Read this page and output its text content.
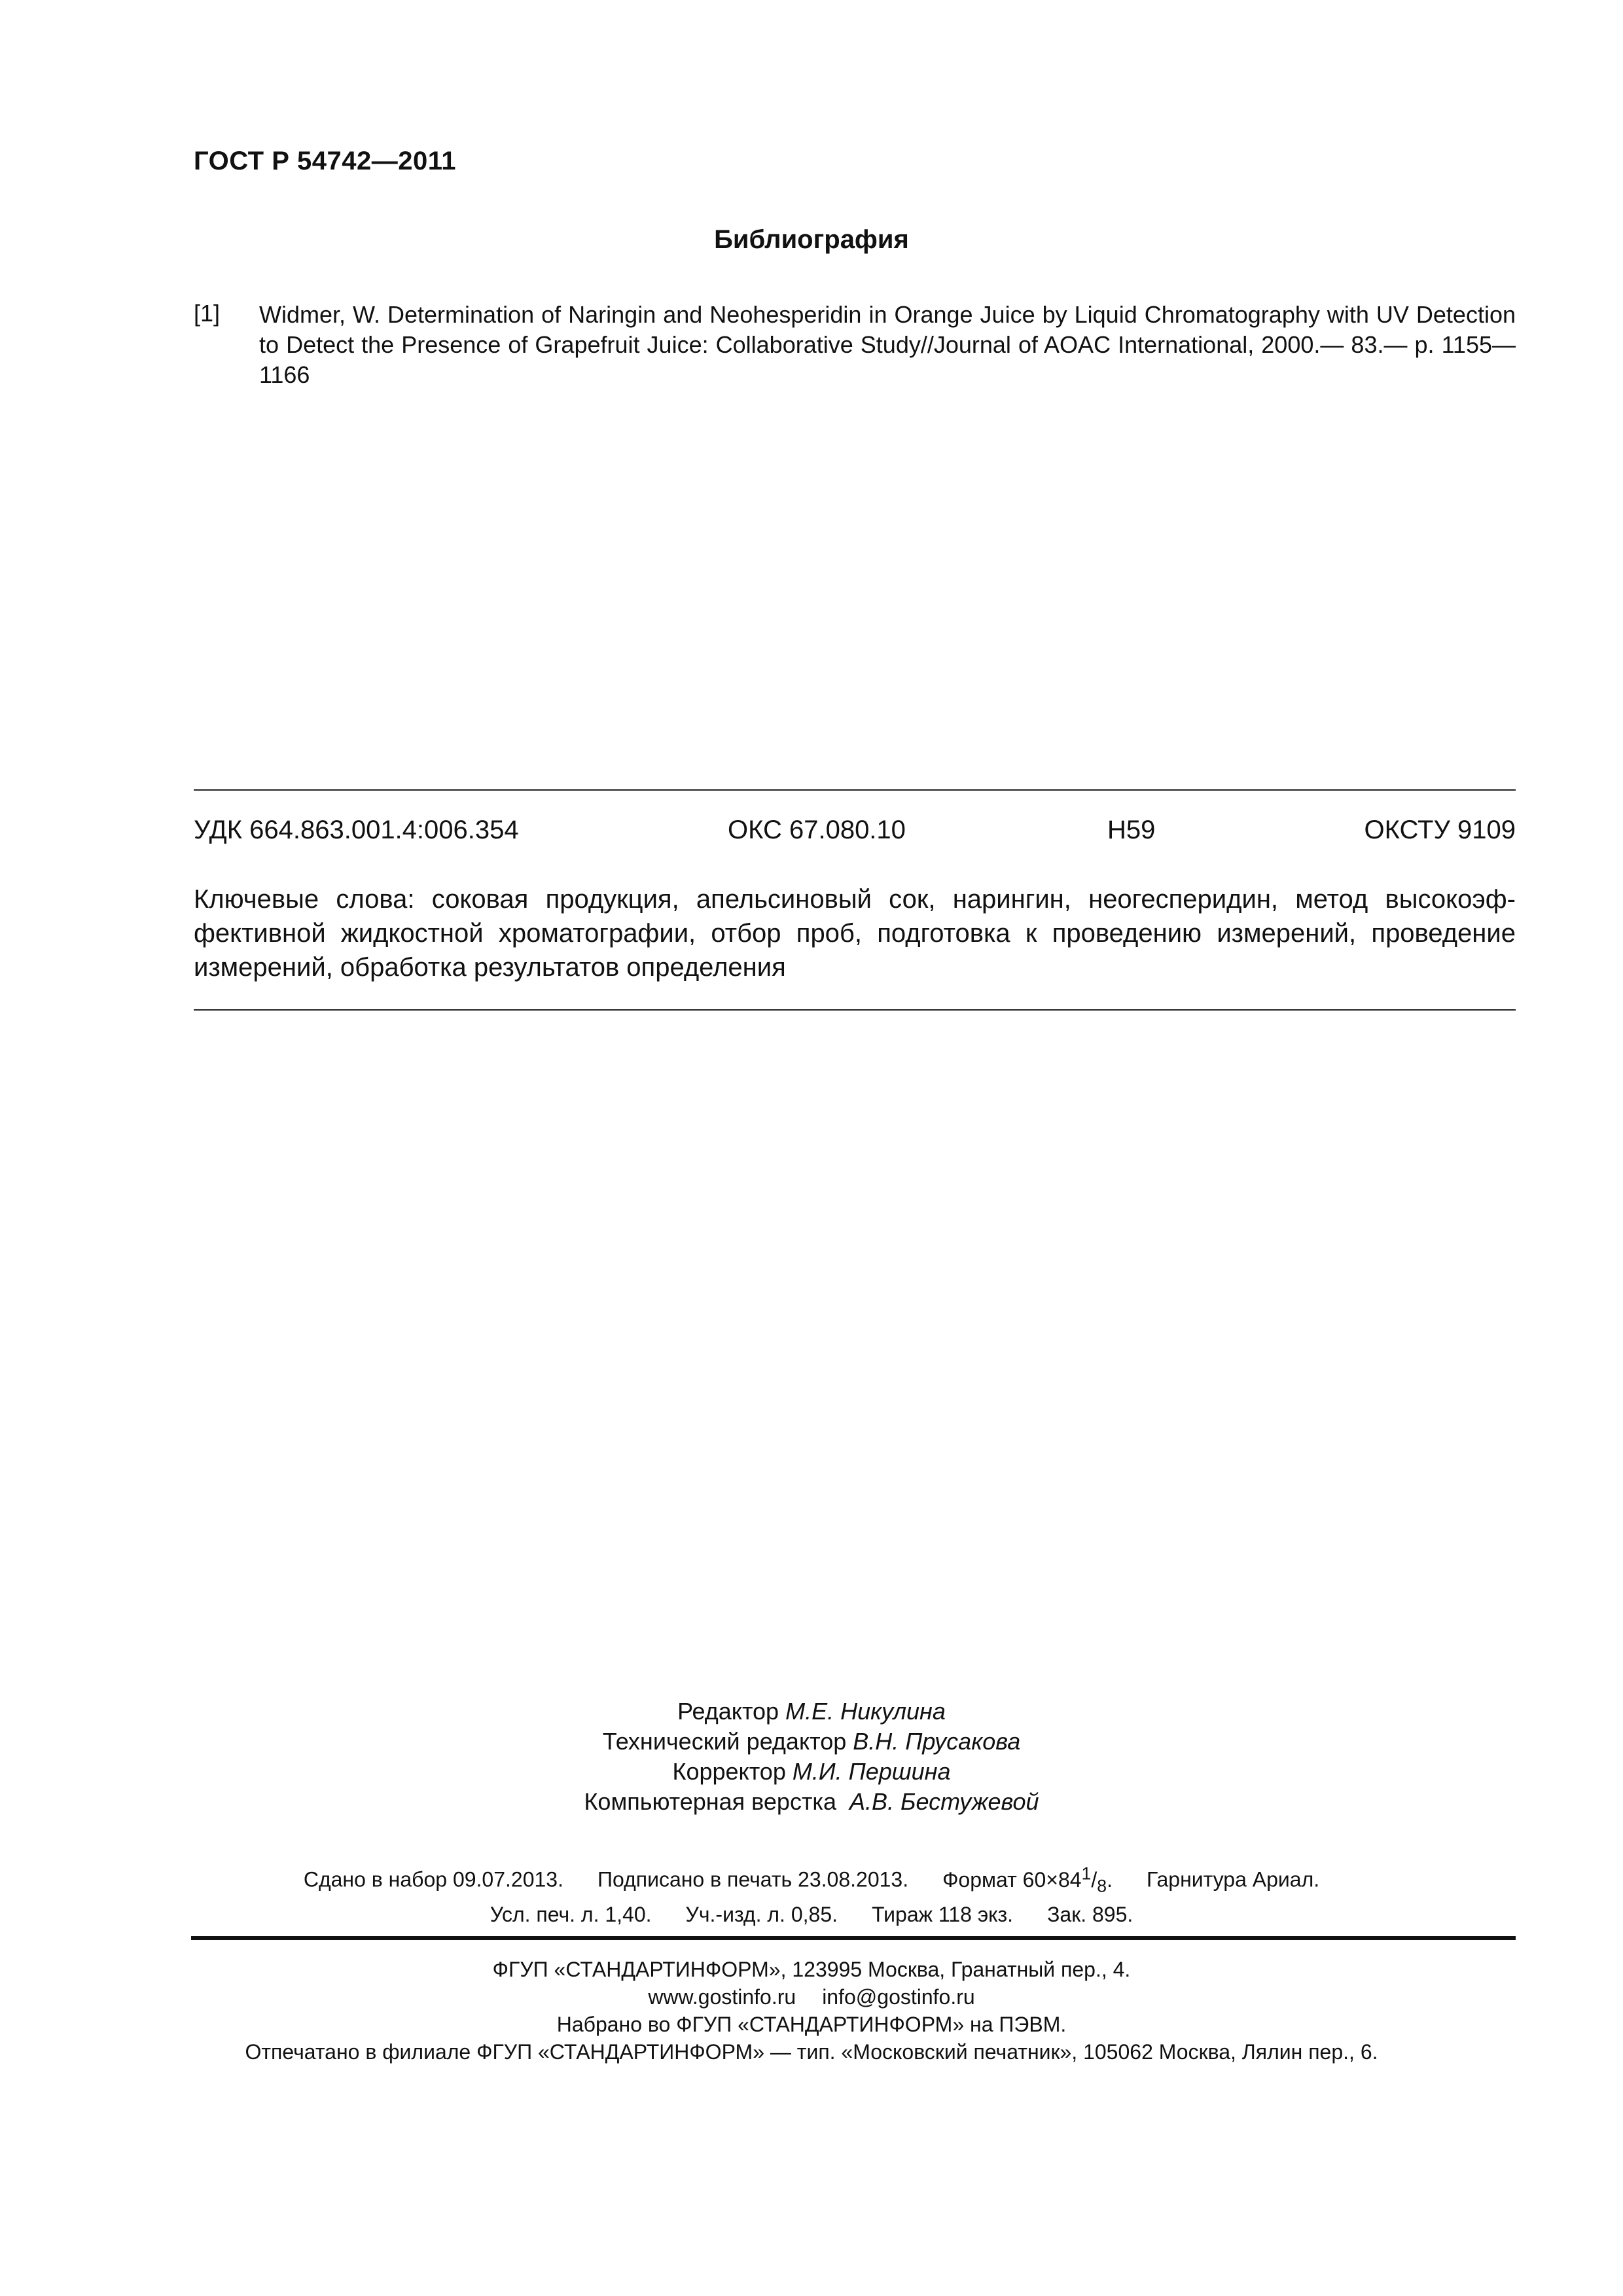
ГОСТ Р 54742—2011
Библиография
[1] Widmer, W. Determination of Naringin and Neohesperidin in Orange Juice by Liquid Chromatography with UV Detection to Detect the Presence of Grapefruit Juice: Collaborative Study//Journal of AOAC International, 2000.— 83.— р. 1155—1166
УДК 664.863.001.4:006.354	ОКС 67.080.10	Н59	ОКСТУ 9109
Ключевые слова: соковая продукция, апельсиновый сок, нарингин, неогесперидин, метод высокоэф-фективной жидкостной хроматографии, отбор проб, подготовка к проведению измерений, проведение измерений, обработка результатов определения
Редактор М.Е. Никулина
Технический редактор В.Н. Прусакова
Корректор М.И. Першина
Компьютерная верстка А.В. Бестужевой
Сдано в набор 09.07.2013. Подписано в печать 23.08.2013. Формат $60\times 84^1/_8$. Гарнитура Ариал.
Усл. печ. л. 1,40. Уч.-изд. л. 0,85. Тираж 118 экз. Зак. 895.
ФГУП «СТАНДАРТИНФОРМ», 123995 Москва, Гранатный пер., 4.
www.gostinfo.ru info@gostinfo.ru
Набрано во ФГУП «СТАНДАРТИНФОРМ» на ПЭВМ.
Отпечатано в филиале ФГУП «СТАНДАРТИНФОРМ» — тип. «Московский печатник», 105062 Москва, Лялин пер., 6.
